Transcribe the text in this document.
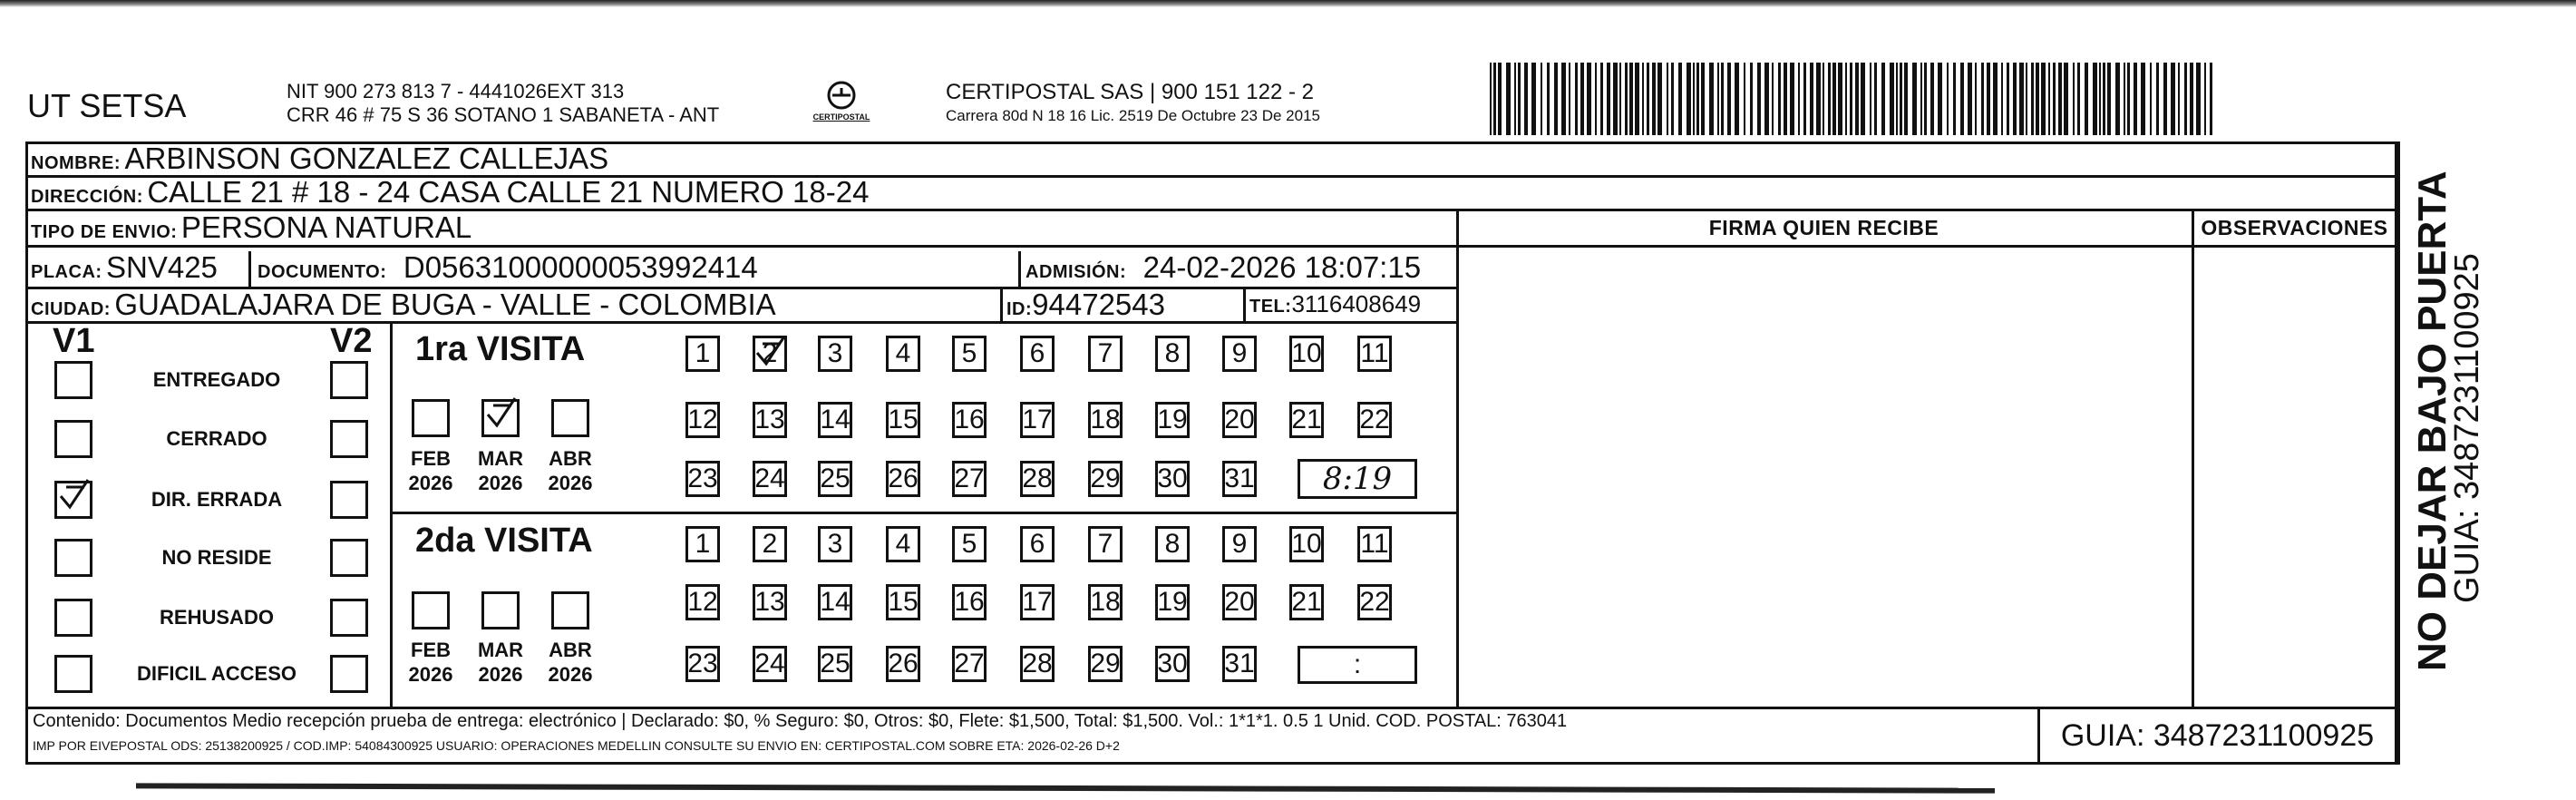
UT SETSA	NIT 900 273 813 7 - 4441026EXT 313
CRR 46 # 75 S 36 SOTANO 1 SABANETA - ANT	CERTIPOSTAL
CERTIPOSTAL SAS | 900 151 122 - 2
Carrera 80d N 18 16 Lic. 2519 De Octubre 23 De 2015
NOMBRE: ARBINSON GONZALEZ CALLEJAS
DIRECCIÓN: CALLE 21 # 18 - 24 CASA CALLE 21 NUMERO 18-24
TIPO DE ENVIO: PERSONA NATURAL
PLACA: SNV425 DOCUMENTO: D05631000000053992414	ADMISIÓN: 24-02-2026 18:07:15
CIUDAD: GUADALAJARA DE BUGA - VALLE - COLOMBIA	ID:94472543	TEL:3116408649
FIRMA QUIEN RECIBE	OBSERVACIONES
V1	V2 1ra VISITA
2da VISITA
Contenido: Documentos Medio recepción prueba de entrega: electrónico | Declarado: $0, % Seguro: $0, Otros: $0, Flete: $1,500, Total: $1,500. Vol.: 1*1*1. 0.5 1 Unid. COD. POSTAL: 763041
IMP POR EIVEPOSTAL ODS: 25138200925 / COD.IMP: 54084300925 USUARIO: OPERACIONES MEDELLIN CONSULTE SU ENVIO EN: CERTIPOSTAL.COM SOBRE ETA: 2026-02-26 D+2	GUIA: 3487231100925
NO DEJAR BAJO PUERTA
GUIA: 3487231100925
ENTREGADO
CERRADO
DIR. ERRADA
NO RESIDE
REHUSADO
DIFICIL ACCESO
FEB
2026
MAR
2026
ABR
2026
FEB
2026
MAR
2026
ABR
2026
1	2	3	4	5	6	7	8	9	10 11
12 13 14 15 16 17 18 19 20 21 22
23 24 25 26 27 28 29 30 31
1	2	3	4	5	6	7	8	9	10 11
12 13 14 15 16 17 18 19 20 21 22
23 24 25 26 27 28 29 30 31
8:19
:
